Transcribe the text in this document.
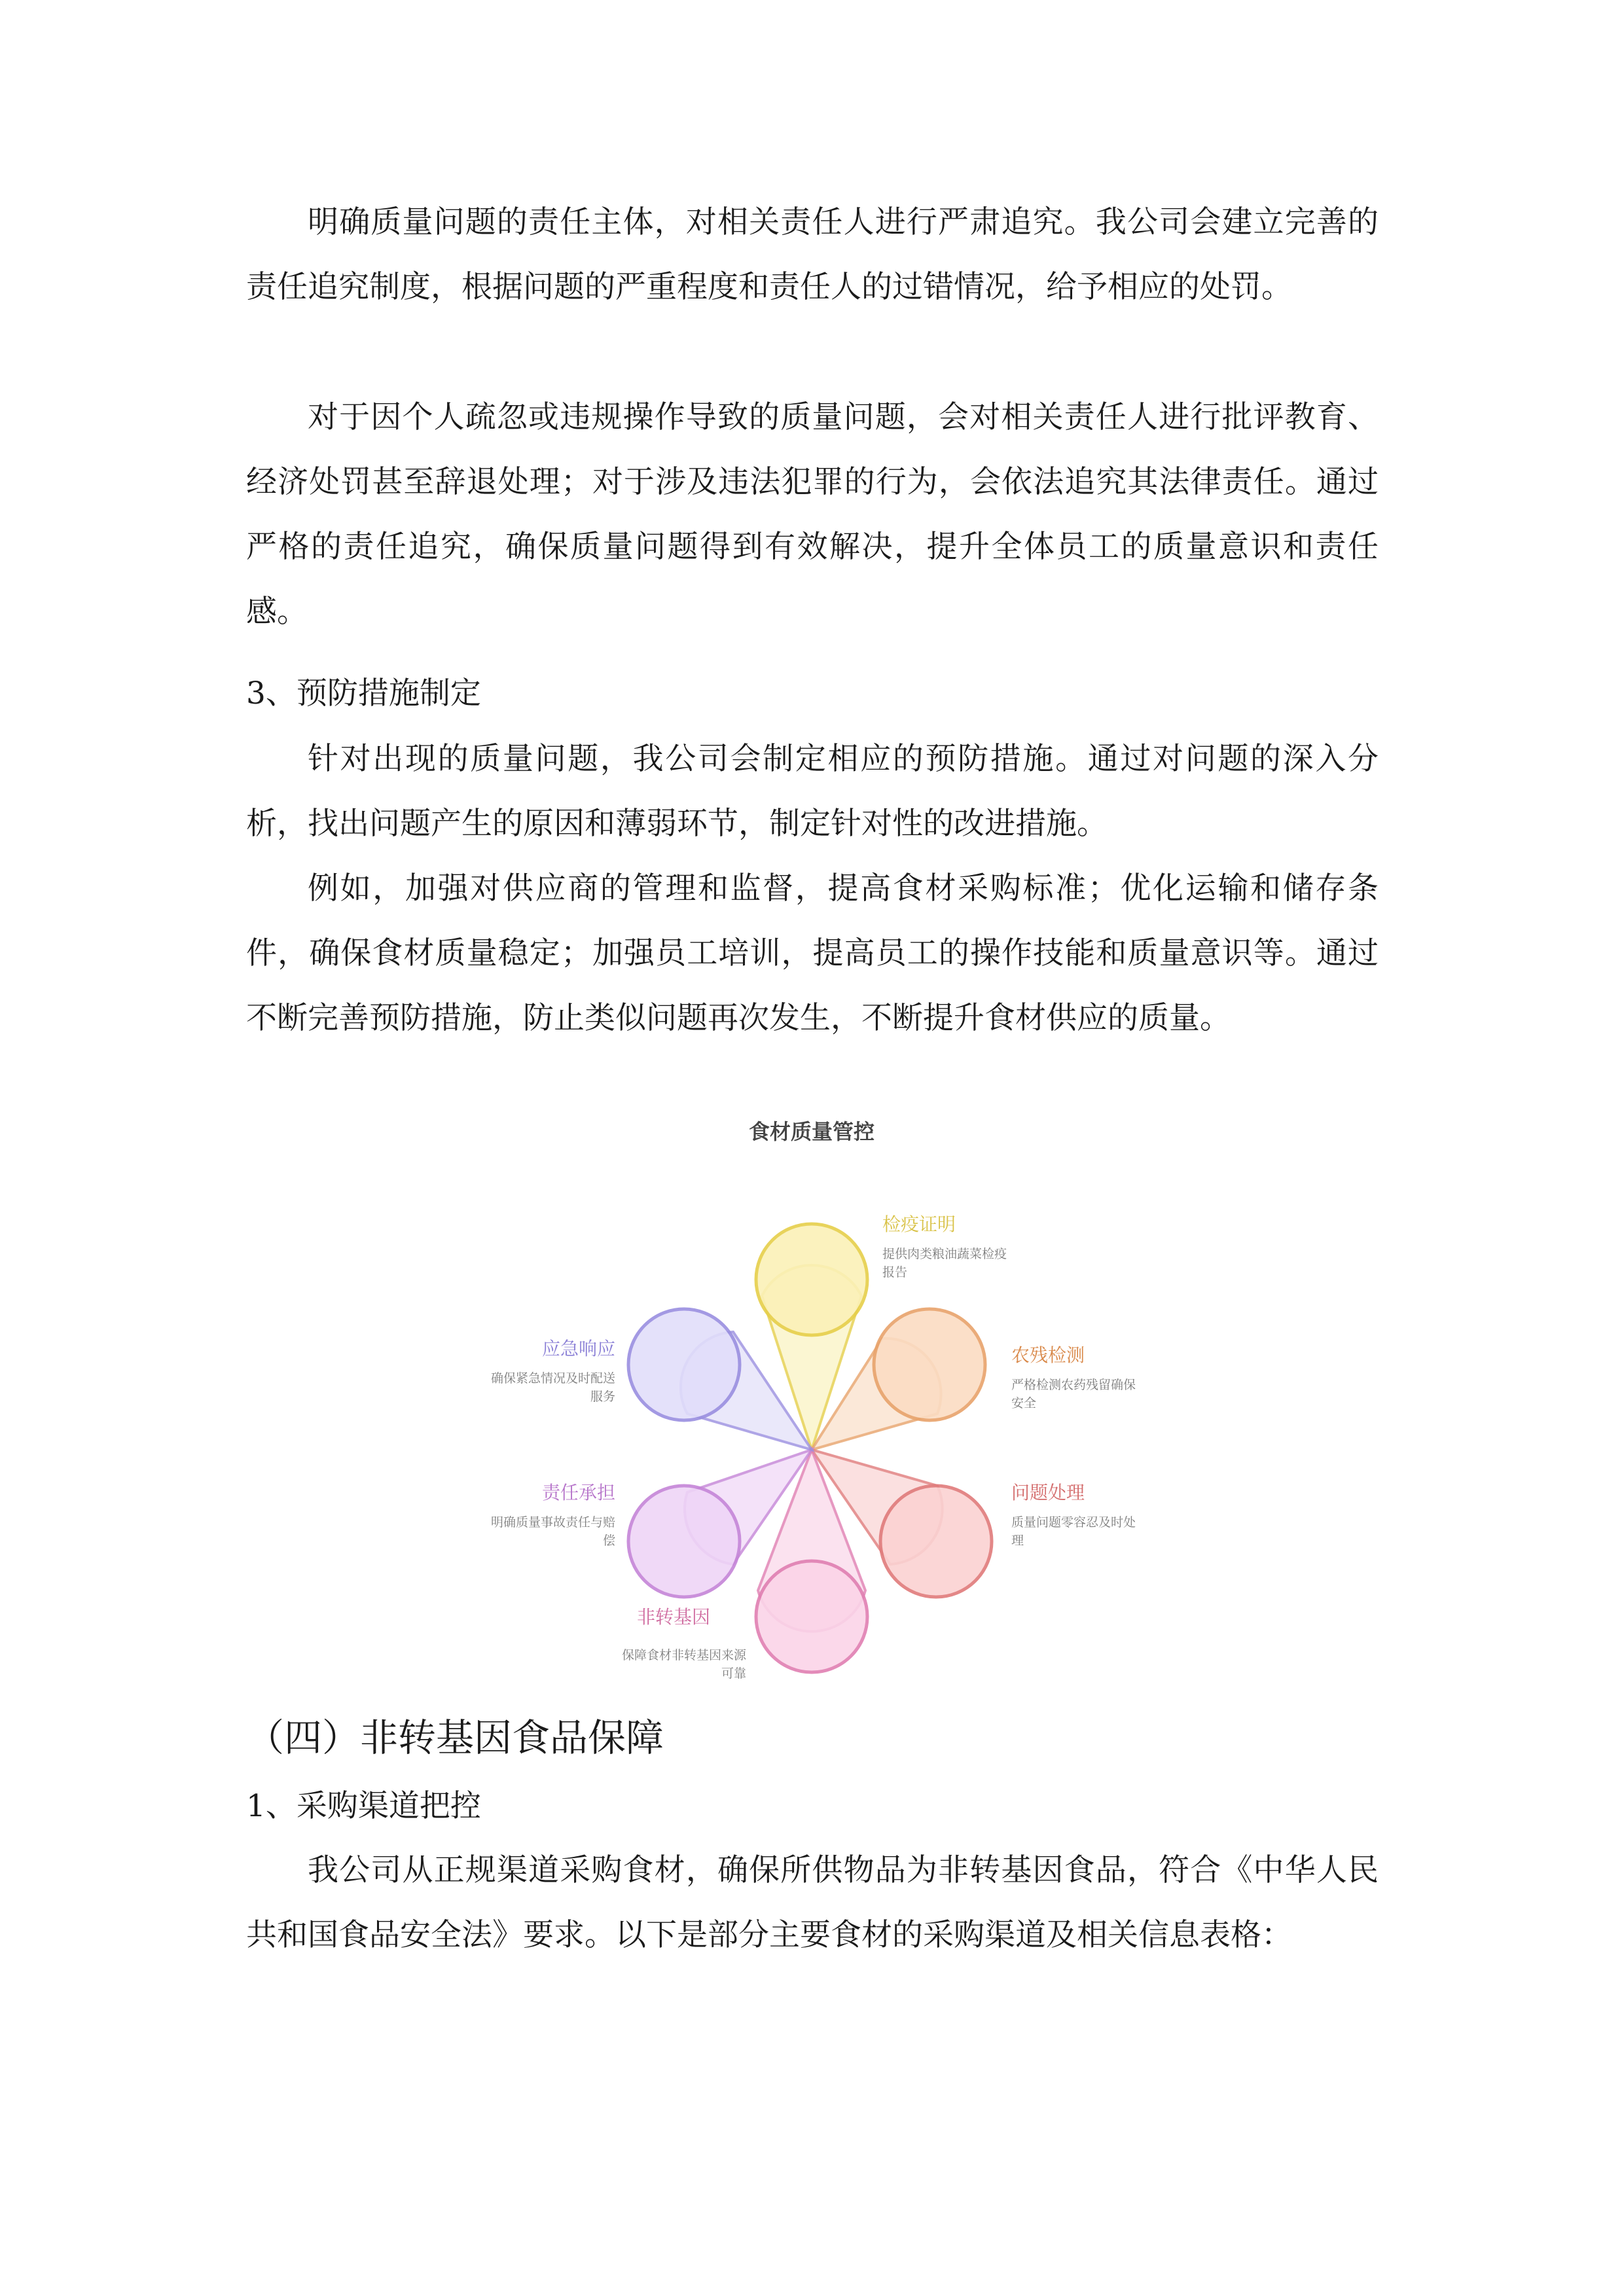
明确质量问题的责任主体，对相关责任人进行严肃追究。我公司会建立完善的责任追究制度，根据问题的严重程度和责任人的过错情况，给予相应的处罚。

对于因个人疏忽或违规操作导致的质量问题，会对相关责任人进行批评教育、经济处罚甚至辞退处理；对于涉及违法犯罪的行为，会依法追究其法律责任。通过严格的责任追究，确保质量问题得到有效解决，提升全体员工的质量意识和责任感。

3、预防措施制定

针对出现的质量问题，我公司会制定相应的预防措施。通过对问题的深入分析，找出问题产生的原因和薄弱环节，制定针对性的改进措施。

例如，加强对供应商的管理和监督，提高食材采购标准；优化运输和储存条件，确保食材质量稳定；加强员工培训，提高员工的操作技能和质量意识等。通过不断完善预防措施，防止类似问题再次发生，不断提升食材供应的质量。

食材质量管控
检疫证明
提供肉类粮油蔬菜检疫
报告
农残检测
严格检测农药残留确保
安全
问题处理
质量问题零容忍及时处
理
非转基因
保障食材非转基因来源
可靠
责任承担
明确质量事故责任与赔
偿
应急响应
确保紧急情况及时配送
服务

（四）非转基因食品保障

1、采购渠道把控

我公司从正规渠道采购食材，确保所供物品为非转基因食品，符合《中华人民共和国食品安全法》要求。以下是部分主要食材的采购渠道及相关信息表格：
